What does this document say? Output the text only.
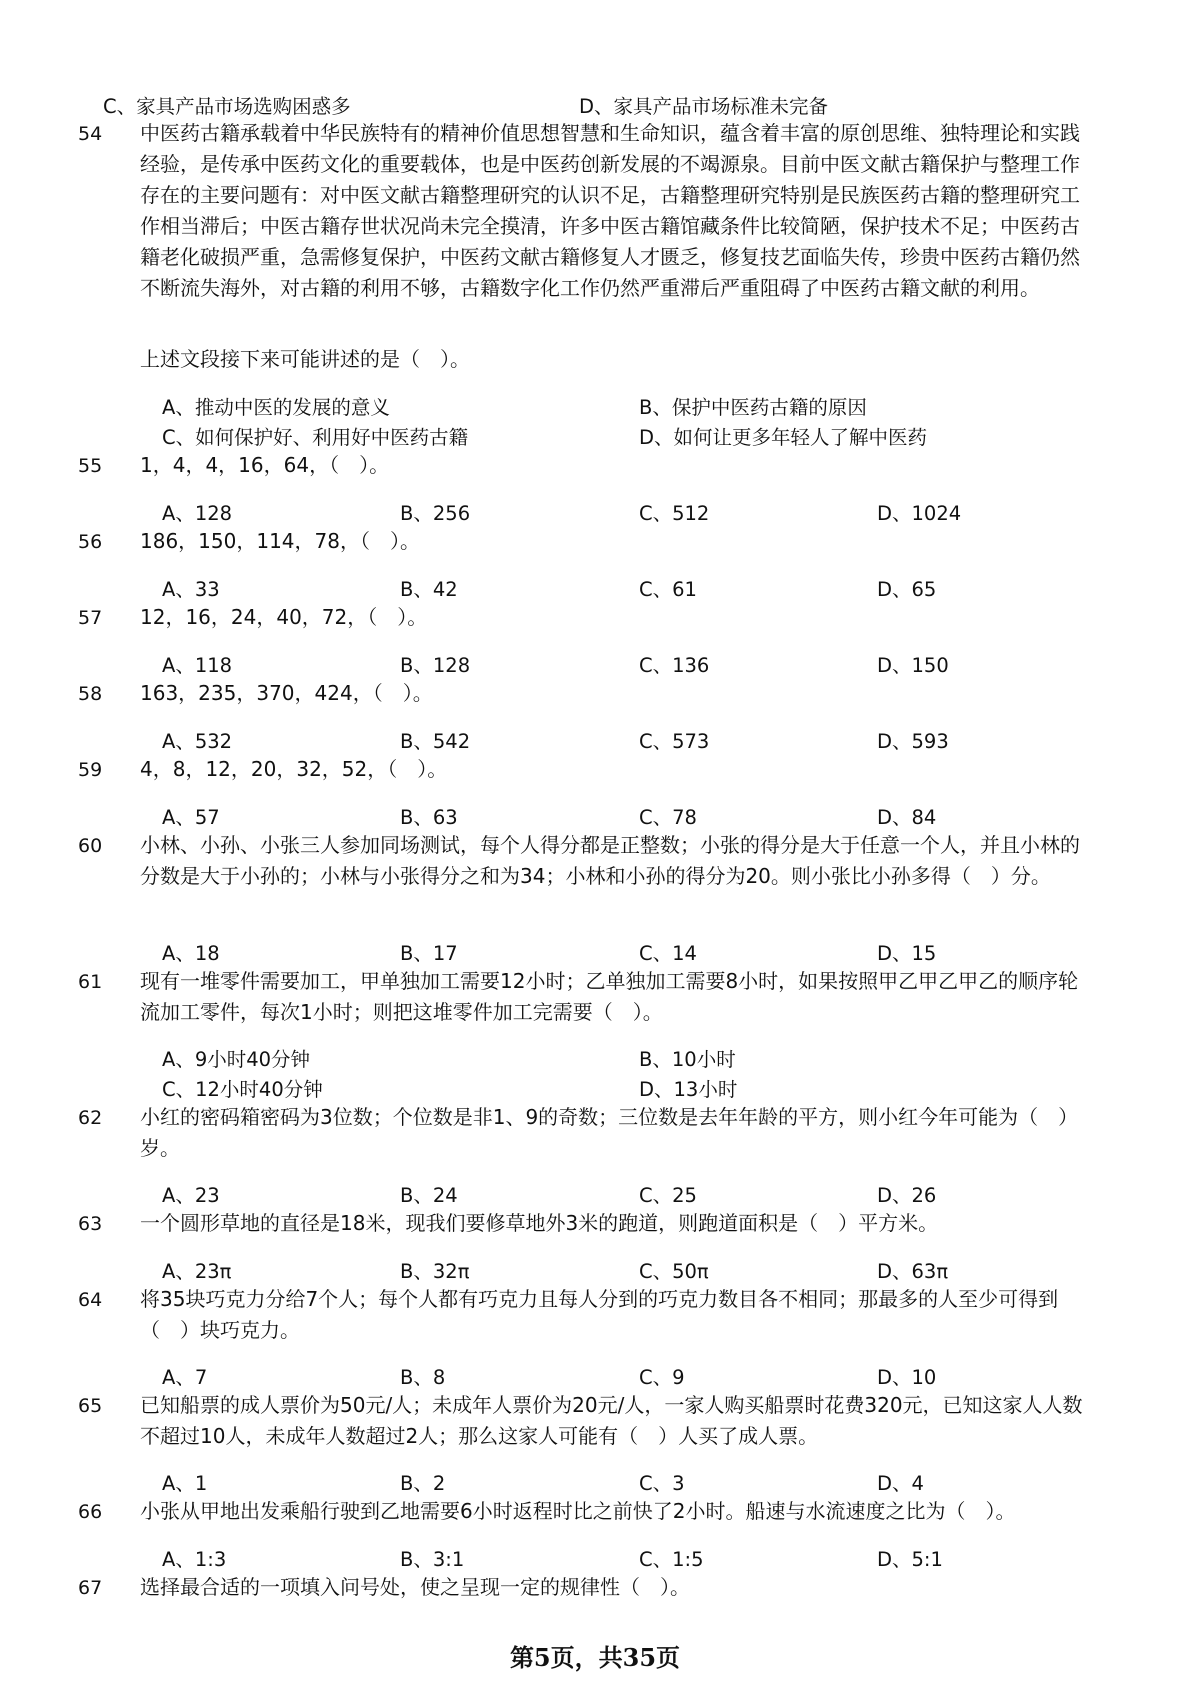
C、家具产品市场选购困惑多	D、家具产品市场标准未完备
54 中医药古籍承载着中华民族特有的精神价值思想智慧和生命知识，蕴含着丰富的原创思维、独特理论和实践经验，是传承中医药文化的重要载体，也是中医药创新发展的不竭源泉。目前中医文献古籍保护与整理工作存在的主要问题有：对中医文献古籍整理研究的认识不足，古籍整理研究特别是民族医药古籍的整理研究工作相当滞后；中医古籍存世状况尚未完全摸清，许多中医古籍馆藏条件比较简陋，保护技术不足；中医药古籍老化破损严重，急需修复保护，中医药文献古籍修复人才匮乏，修复技艺面临失传，珍贵中医药古籍仍然不断流失海外，对古籍的利用不够，古籍数字化工作仍然严重滞后严重阻碍了中医药古籍文献的利用。
上述文段接下来可能讲述的是（　）。
A、推动中医的发展的意义	B、保护中医药古籍的原因
C、如何保护好、利用好中医药古籍	D、如何让更多年轻人了解中医药
55 1，4，4，16，64，（　）。
A、128	B、256	C、512	D、1024
56 186，150，114，78，（　）。
A、33	B、42	C、61	D、65
57 12，16，24，40，72，（　）。
A、118	B、128	C、136	D、150
58 163，235，370，424，（　）。
A、532	B、542	C、573	D、593
59 4，8，12，20，32，52，（　）。
A、57	B、63	C、78	D、84
60 小林、小孙、小张三人参加同场测试，每个人得分都是正整数；小张的得分是大于任意一个人，并且小林的分数是大于小孙的；小林与小张得分之和为34；小林和小孙的得分为20。则小张比小孙多得（　）分。
A、18	B、17	C、14	D、15
61 现有一堆零件需要加工，甲单独加工需要12小时；乙单独加工需要8小时，如果按照甲乙甲乙甲乙的顺序轮流加工零件，每次1小时；则把这堆零件加工完需要（　）。
A、9小时40分钟	B、10小时
C、12小时40分钟	D、13小时
62 小红的密码箱密码为3位数；个位数是非1、9的奇数；三位数是去年年龄的平方，则小红今年可能为（　）岁。
A、23	B、24	C、25	D、26
63 一个圆形草地的直径是18米，现我们要修草地外3米的跑道，则跑道面积是（　）平方米。
A、23π	B、32π	C、50π	D、63π
64 将35块巧克力分给7个人；每个人都有巧克力且每人分到的巧克力数目各不相同；那最多的人至少可得到（　）块巧克力。
A、7	B、8	C、9	D、10
65 已知船票的成人票价为50元/人；未成年人票价为20元/人，一家人购买船票时花费320元，已知这家人人数不超过10人，未成年人数超过2人；那么这家人可能有（　）人买了成人票。
A、1	B、2	C、3	D、4
66 小张从甲地出发乘船行驶到乙地需要6小时返程时比之前快了2小时。船速与水流速度之比为（　）。
A、1:3	B、3:1	C、1:5	D、5:1
67 选择最合适的一项填入问号处，使之呈现一定的规律性（　）。
第5页，共35页
